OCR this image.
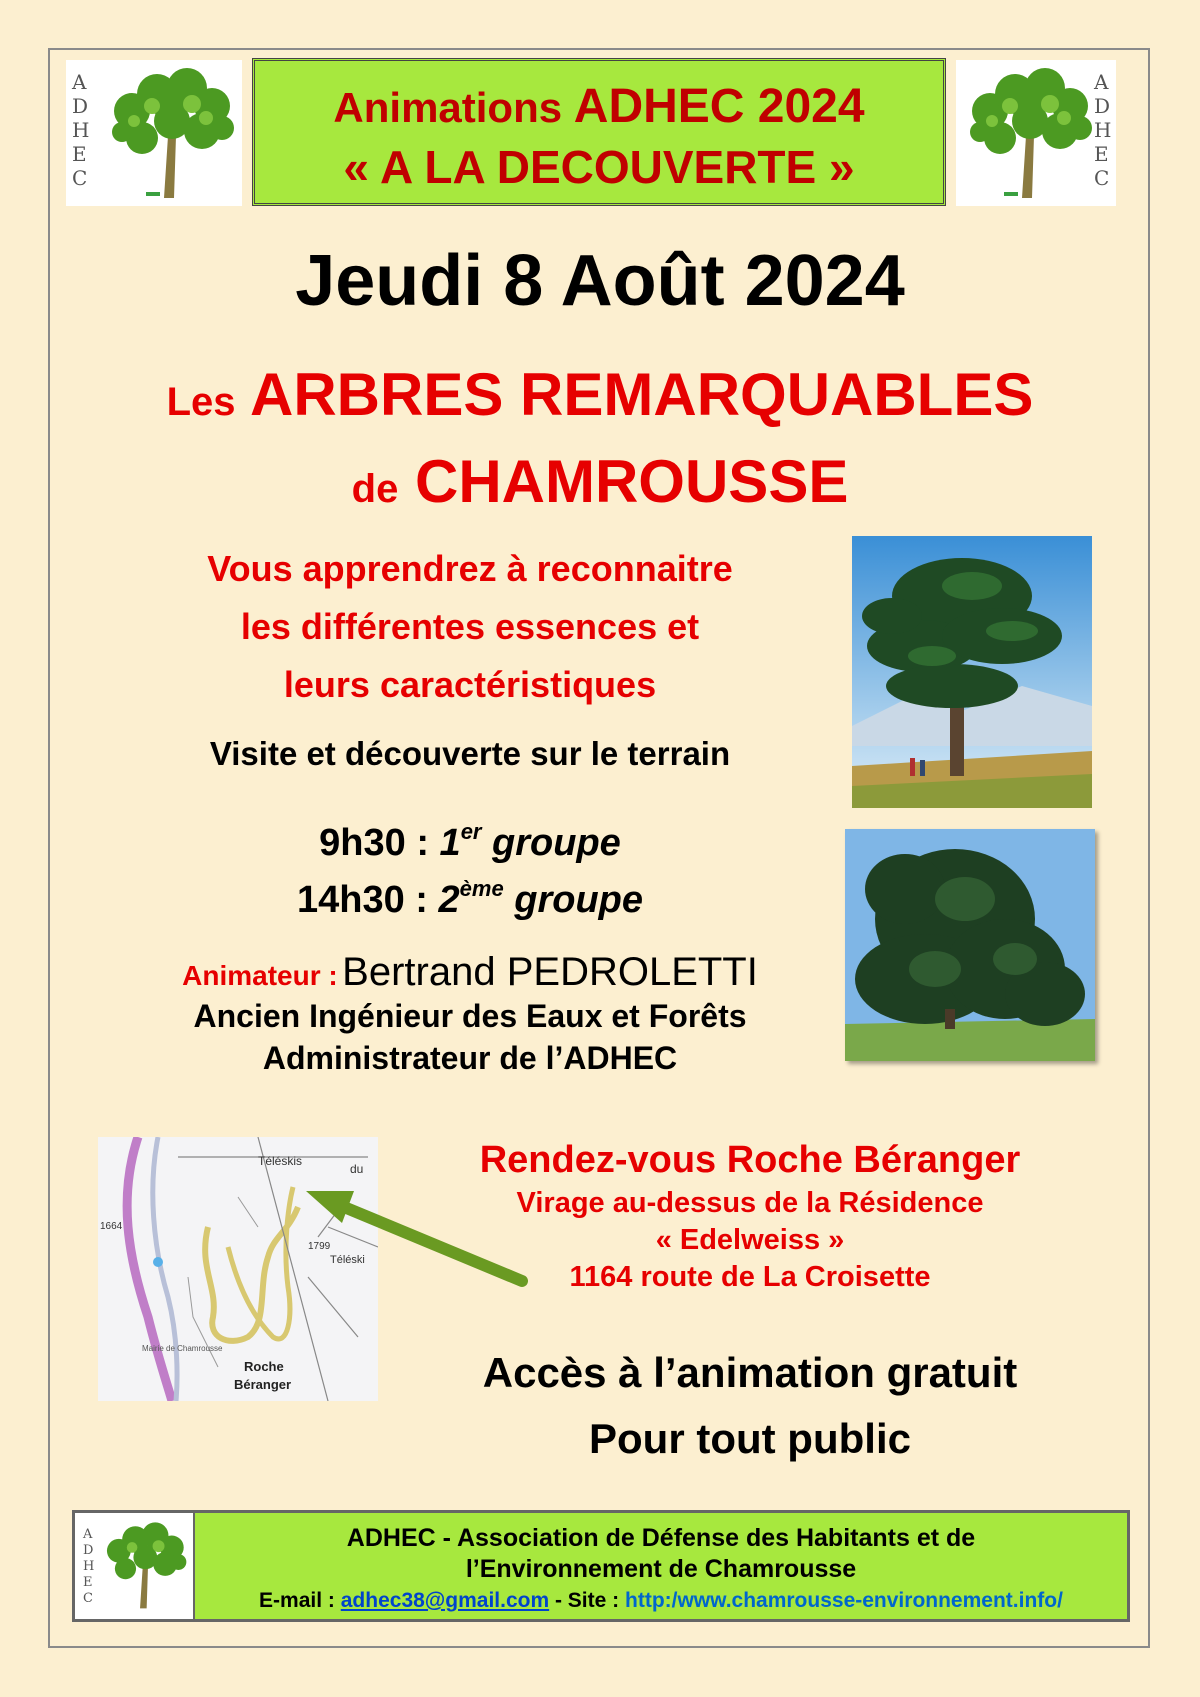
A
D
H
E
C
Animations ADHEC 2024
« A LA DECOUVERTE »
A
D
H
E
C
Jeudi 8 Août 2024
Les ARBRES REMARQUABLES
de CHAMROUSSE
Vous apprendrez à reconnaitre
les différentes essences et
leurs caractéristiques
Visite et découverte sur le terrain
9h30 : 1er groupe
14h30 : 2ème groupe
Animateur : Bertrand PEDROLETTI
Ancien Ingénieur des Eaux et Forêts
Administrateur de l’ADHEC
Téléskis
du
1664
1799
Téléski
Roche
Béranger
Mairie de Chamrousse
Rendez-vous Roche Béranger
Virage au-dessus de la Résidence
« Edelweiss »
1164 route de La Croisette
Accès à l’animation gratuit
Pour tout public
A
D
H
E
C
ADHEC - Association de Défense des Habitants et de
l’Environnement de Chamrousse
E-mail : adhec38@gmail.com - Site : http:/www.chamrousse-environnement.info/
